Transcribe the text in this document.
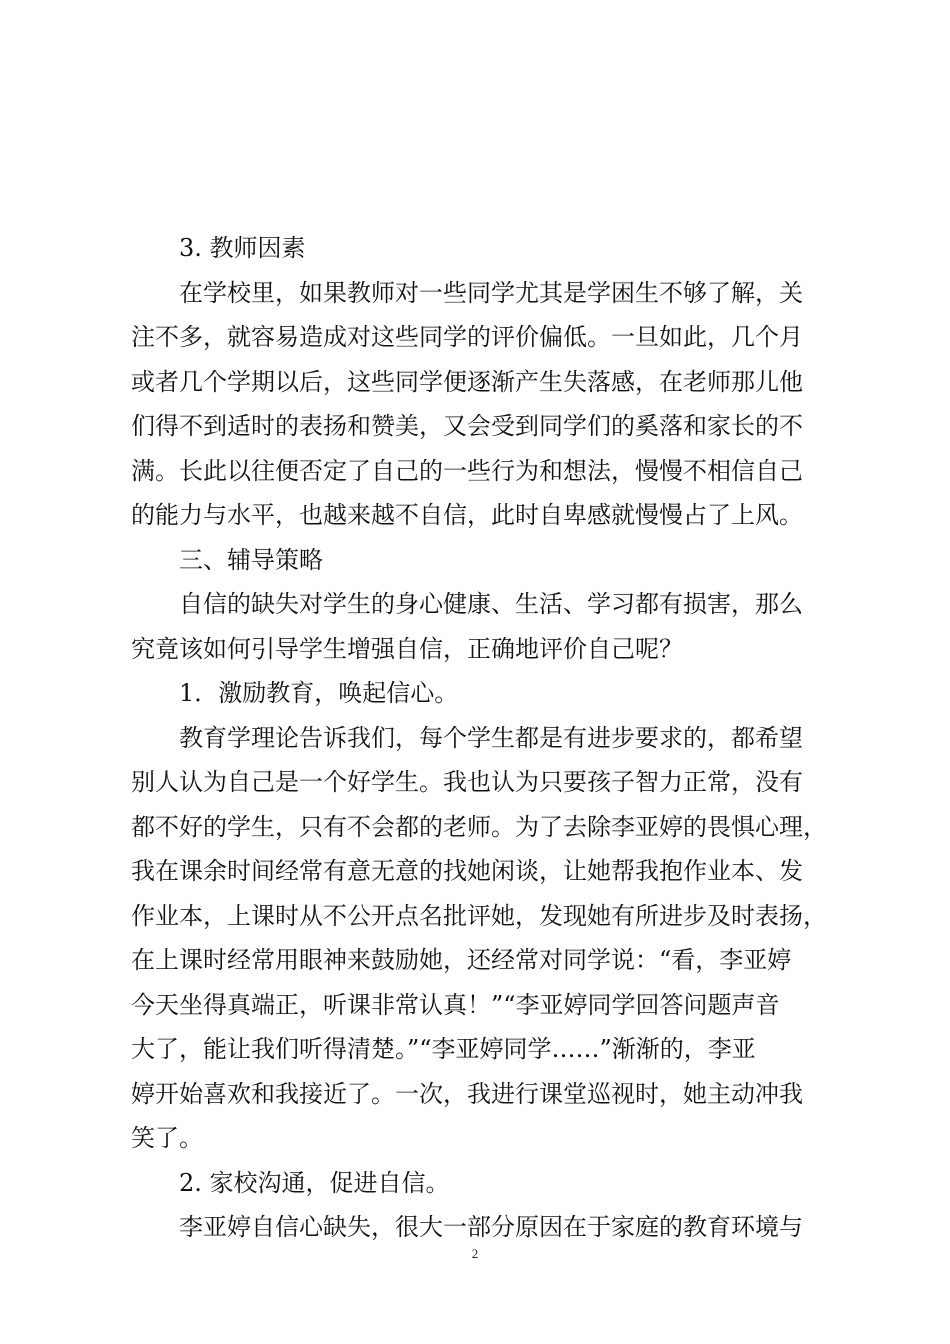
3. 教师因素
在学校里，如果教师对一些同学尤其是学困生不够了解，关
注不多，就容易造成对这些同学的评价偏低。一旦如此，几个月
或者几个学期以后，这些同学便逐渐产生失落感，在老师那儿他
们得不到适时的表扬和赞美，又会受到同学们的奚落和家长的不
满。长此以往便否定了自己的一些行为和想法，慢慢不相信自己
的能力与水平，也越来越不自信，此时自卑感就慢慢占了上风。
三、辅导策略
自信的缺失对学生的身心健康、生活、学习都有损害，那么
究竟该如何引导学生增强自信，正确地评价自己呢？
1．激励教育，唤起信心。
教育学理论告诉我们，每个学生都是有进步要求的，都希望
别人认为自己是一个好学生。我也认为只要孩子智力正常，没有
都不好的学生，只有不会都的老师。为了去除李亚婷的畏惧心理，
我在课余时间经常有意无意的找她闲谈，让她帮我抱作业本、发
作业本，上课时从不公开点名批评她，发现她有所进步及时表扬，
在上课时经常用眼神来鼓励她，还经常对同学说：“看，李亚婷
今天坐得真端正，听课非常认真！”“李亚婷同学回答问题声音
大了，能让我们听得清楚。”“李亚婷同学……”渐渐的，李亚
婷开始喜欢和我接近了。一次，我进行课堂巡视时，她主动冲我
笑了。
2. 家校沟通，促进自信。
李亚婷自信心缺失，很大一部分原因在于家庭的教育环境与
2
